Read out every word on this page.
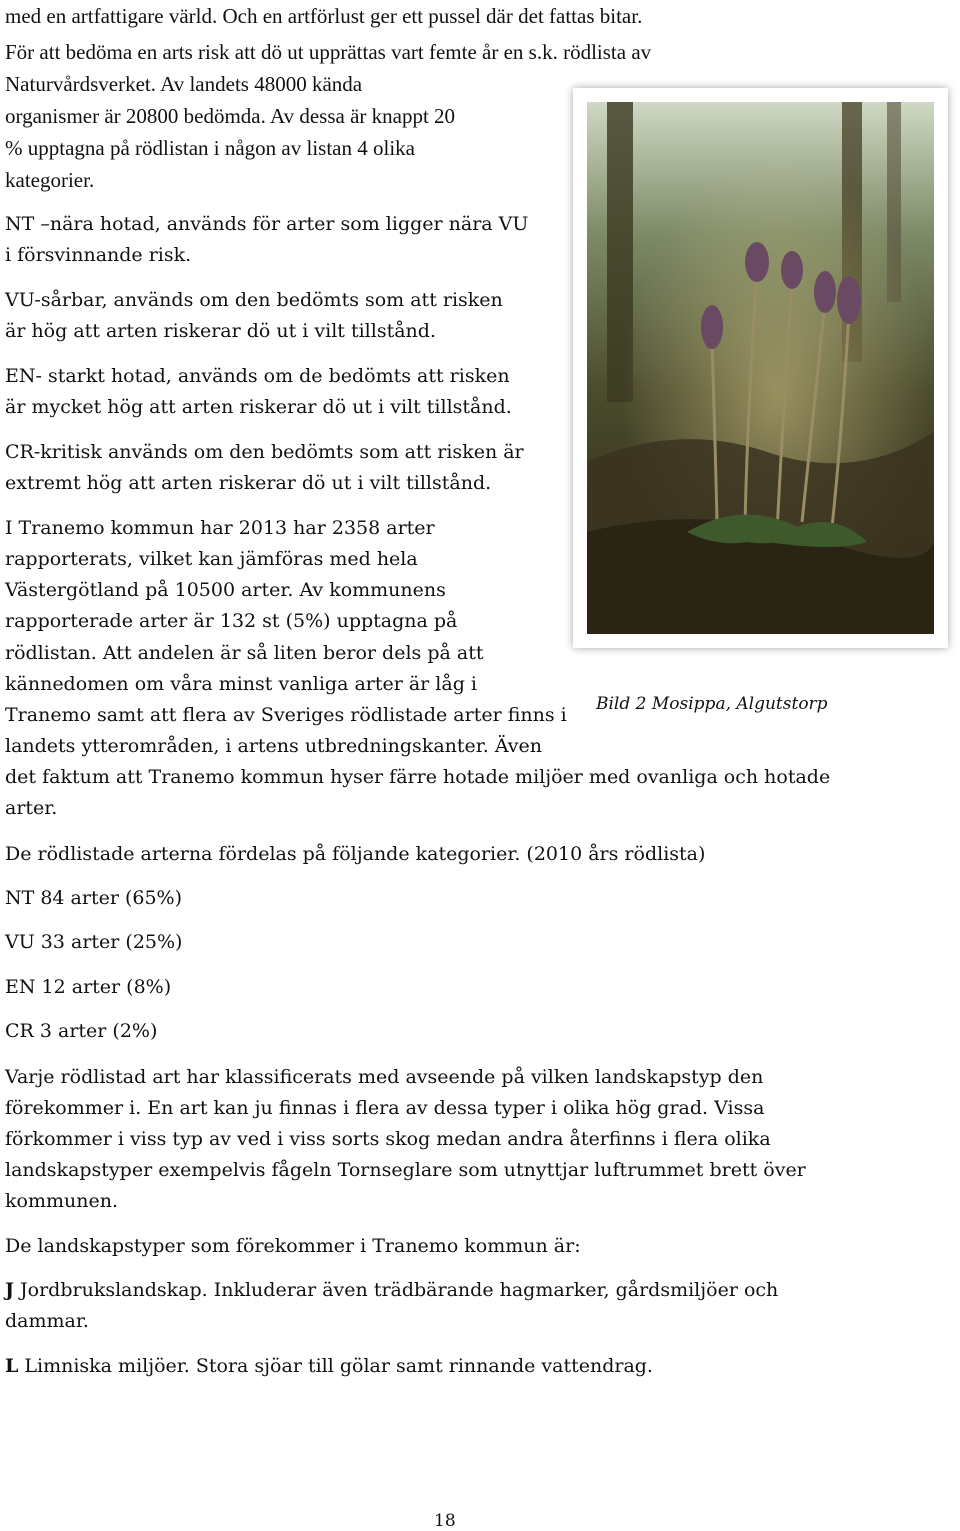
med en artfattigare värld. Och en artförlust ger ett pussel där det fattas bitar.
För att bedöma en arts risk att dö ut upprättas vart femte år en s.k. rödlista av
Naturvårdsverket. Av landets 48000 kända
organismer är 20800 bedömda. Av dessa är knappt 20
% upptagna på rödlistan i någon av listan 4 olika
kategorier.
NT –nära hotad, används för arter som ligger nära VU
i försvinnande risk.
VU-sårbar, används om den bedömts som att risken
är hög att arten riskerar dö ut i vilt tillstånd.
EN- starkt hotad, används om de bedömts att risken
är mycket hög att arten riskerar dö ut i vilt tillstånd.
CR-kritisk används om den bedömts som att risken är
extremt hög att arten riskerar dö ut i vilt tillstånd.
I Tranemo kommun har 2013 har 2358 arter
rapporterats, vilket kan jämföras med hela
Västergötland på 10500 arter. Av kommunens
rapporterade arter är 132 st (5%) upptagna på
rödlistan. Att andelen är så liten beror dels på att
kännedomen om våra minst vanliga arter är låg i
Tranemo samt att flera av Sveriges rödlistade arter finns i
landets ytterområden, i artens utbredningskanter. Även
det faktum att Tranemo kommun hyser färre hotade miljöer med ovanliga och hotade
arter.
De rödlistade arterna fördelas på följande kategorier. (2010 års rödlista)
NT 84 arter (65%)
VU 33 arter (25%)
EN 12 arter (8%)
CR 3 arter (2%)
Varje rödlistad art har klassificerats med avseende på vilken landskapstyp den
förekommer i. En art kan ju finnas i flera av dessa typer i olika hög grad. Vissa
förkommer i viss typ av ved i viss sorts skog medan andra återfinns i flera olika
landskapstyper exempelvis fågeln Tornseglare som utnyttjar luftrummet brett över
kommunen.
De landskapstyper som förekommer i Tranemo kommun är:
J Jordbrukslandskap. Inkluderar även trädbärande hagmarker, gårdsmiljöer och
dammar.
L Limniska miljöer. Stora sjöar till gölar samt rinnande vattendrag.
Bild 2 Mosippa, Algutstorp
18
